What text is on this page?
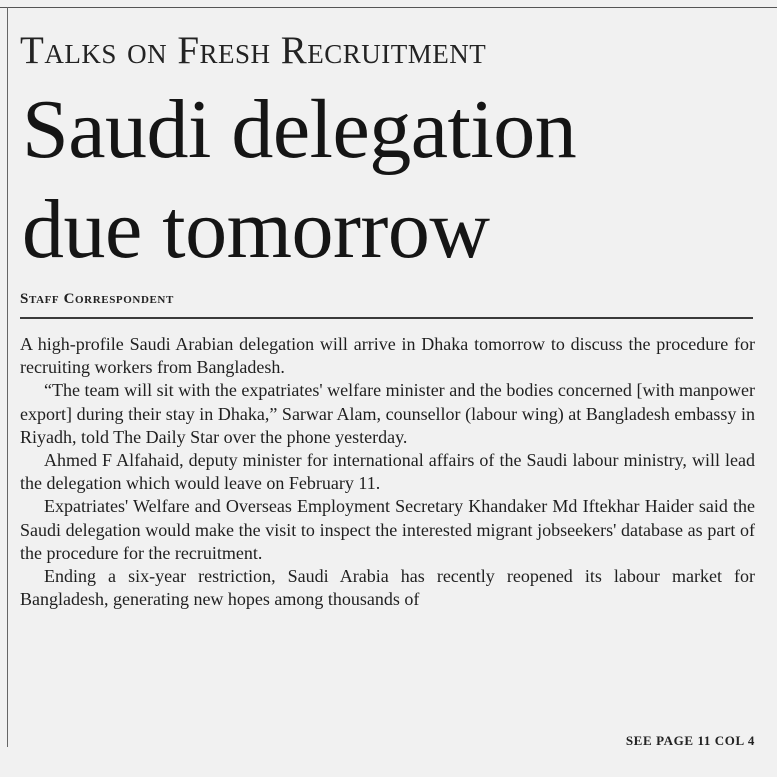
Talks on Fresh Recruitment
Saudi delegation
due tomorrow
Staff Correspondent

A high-profile Saudi Arabian delegation will arrive in Dhaka tomorrow to discuss the procedure for recruiting workers from Bangladesh.

“The team will sit with the expatriates' welfare minister and the bodies concerned [with manpower export] during their stay in Dhaka,” Sarwar Alam, counsellor (labour wing) at Bangladesh embassy in Riyadh, told The Daily Star over the phone yesterday.

Ahmed F Alfahaid, deputy minister for international affairs of the Saudi labour ministry, will lead the delegation which would leave on February 11.

Expatriates' Welfare and Overseas Employment Secretary Khandaker Md Iftekhar Haider said the Saudi delegation would make the visit to inspect the interested migrant jobseekers' database as part of the procedure for the recruitment.

Ending a six-year restriction, Saudi Arabia has recently reopened its labour market for Bangladesh, generating new hopes among thousands of

SEE PAGE 11 COL 4
